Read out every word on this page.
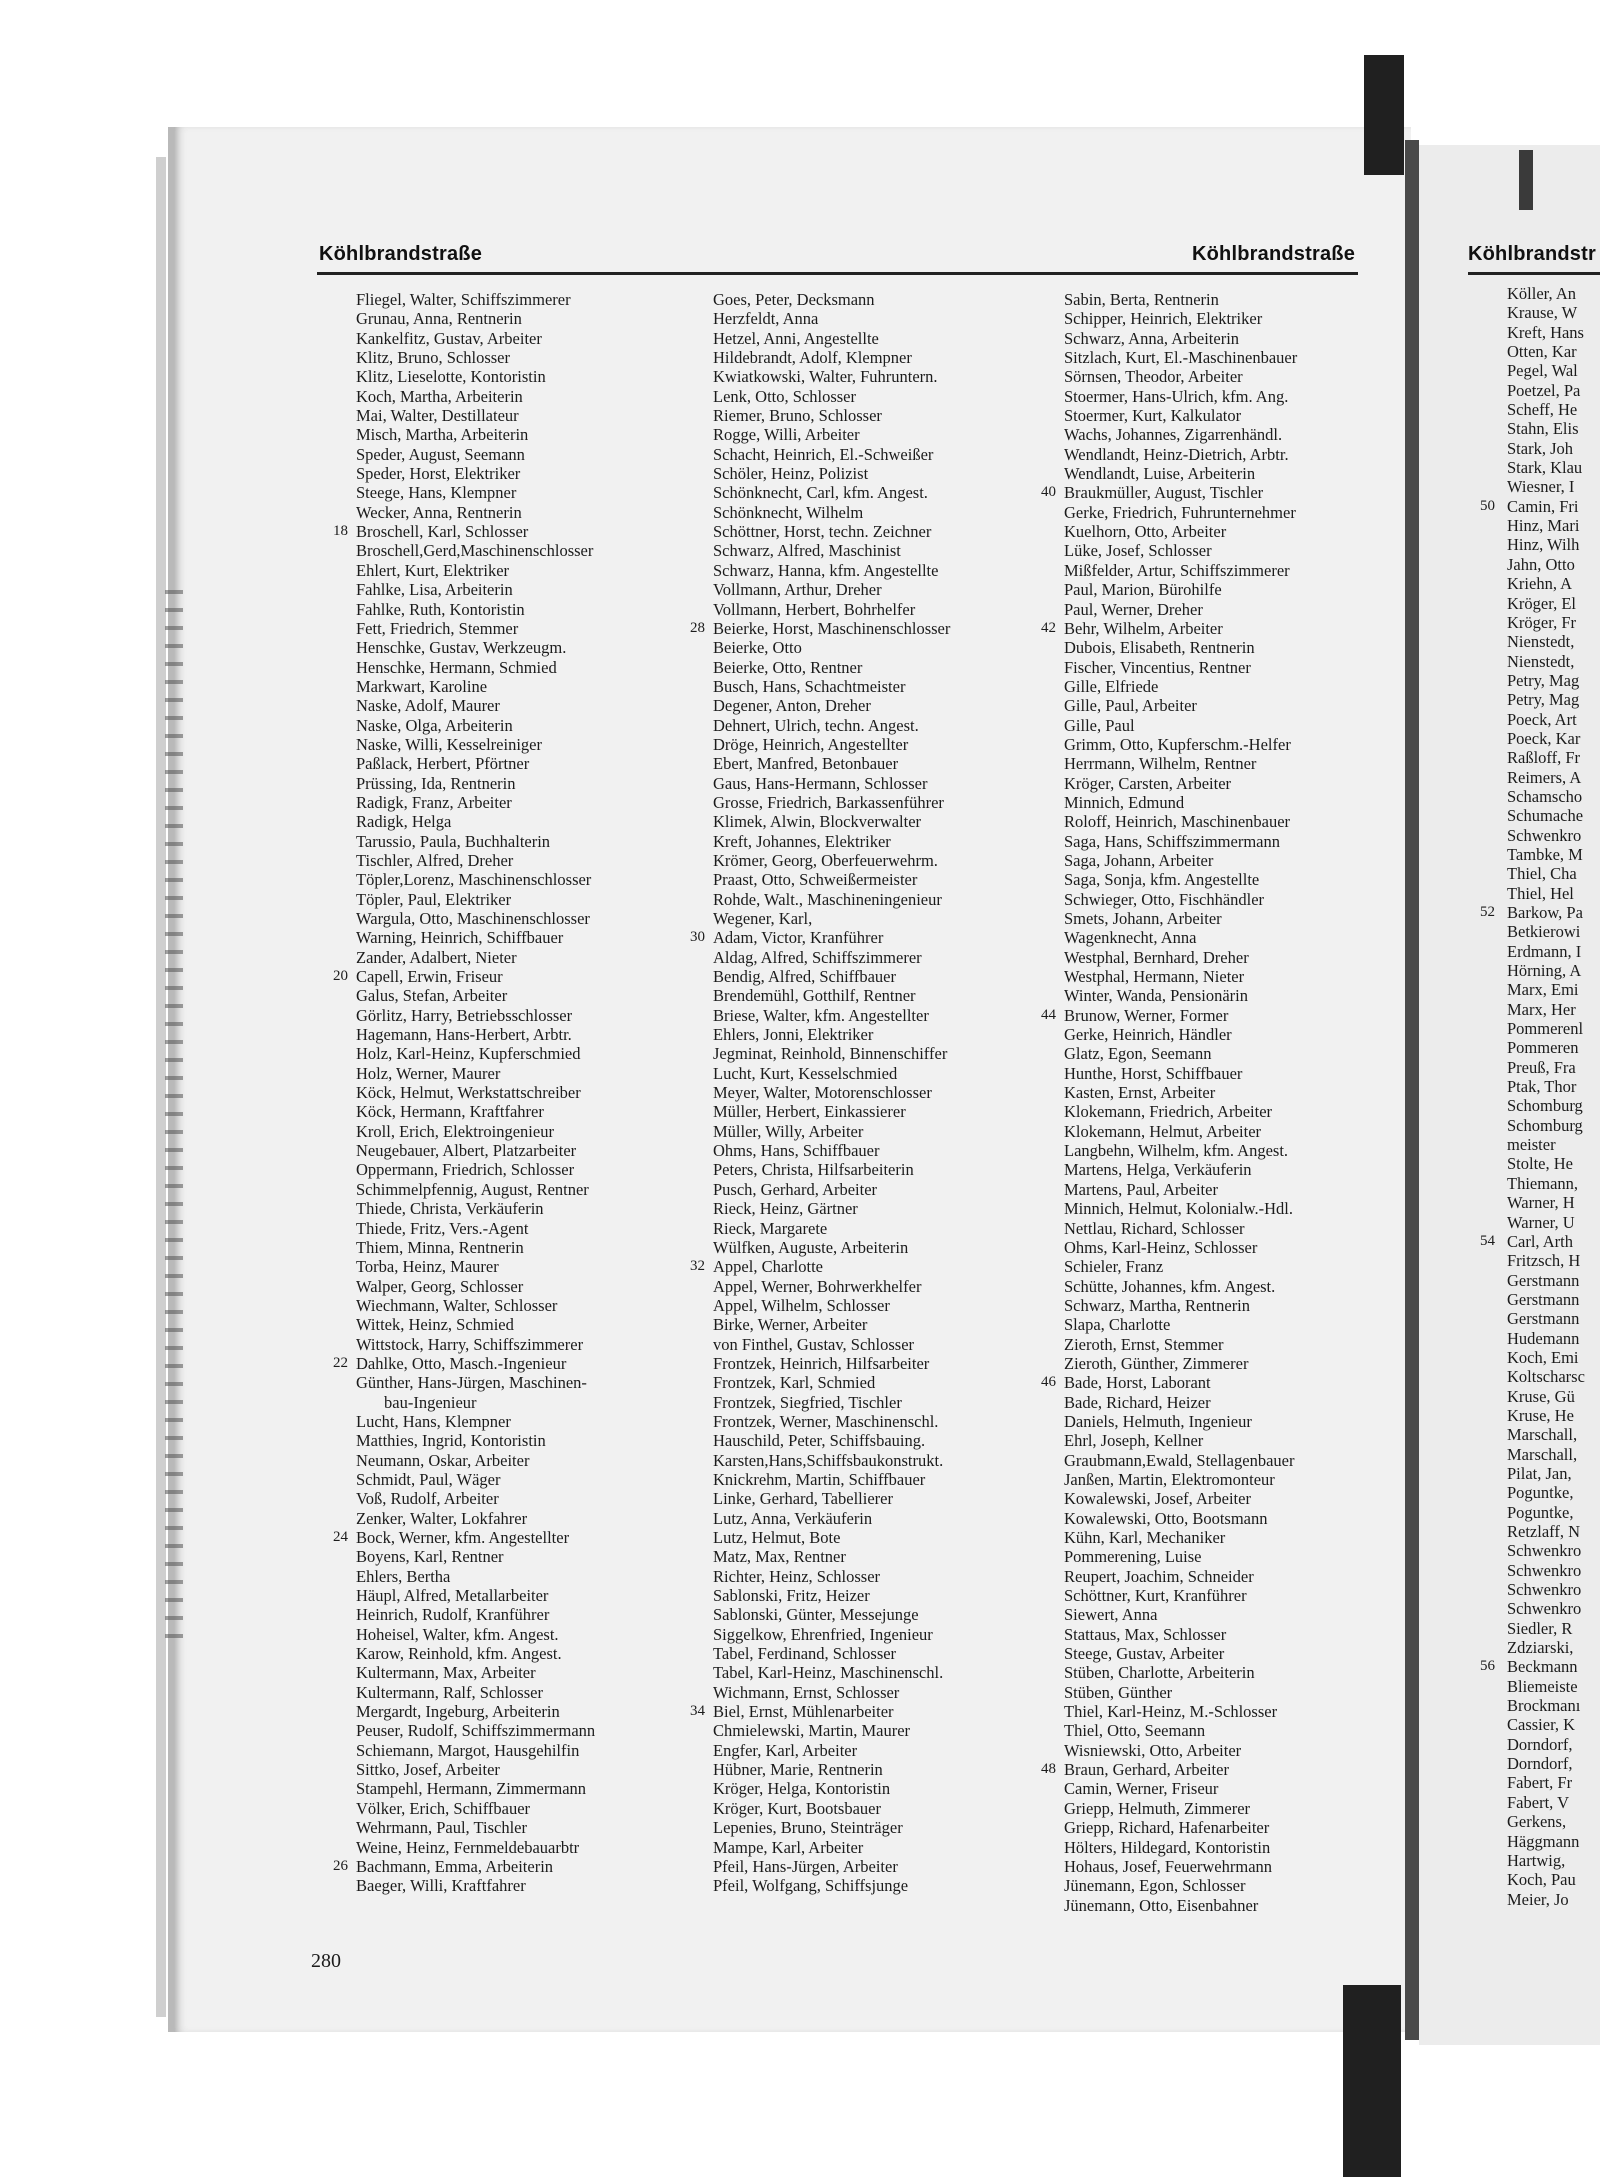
Köhlbrandstraße	Köhlbrandstraße	Köhlbrandstr
Fliegel, Walter, Schiffszimmerer
Grunau, Anna, Rentnerin
Kankelfitz, Gustav, Arbeiter
Klitz, Bruno, Schlosser
Klitz, Lieselotte, Kontoristin
Koch, Martha, Arbeiterin
Mai, Walter, Destillateur
Misch, Martha, Arbeiterin
Speder, August, Seemann
Speder, Horst, Elektriker
Steege, Hans, Klempner
Wecker, Anna, Rentnerin
18 Broschell, Karl, Schlosser
Broschell,Gerd,Maschinenschlosser
Ehlert, Kurt, Elektriker
Fahlke, Lisa, Arbeiterin
Fahlke, Ruth, Kontoristin
Fett, Friedrich, Stemmer
Henschke, Gustav, Werkzeugm.
Henschke, Hermann, Schmied
Markwart, Karoline
Naske, Adolf, Maurer
Naske, Olga, Arbeiterin
Naske, Willi, Kesselreiniger
Paßlack, Herbert, Pförtner
Prüssing, Ida, Rentnerin
Radigk, Franz, Arbeiter
Radigk, Helga
Tarussio, Paula, Buchhalterin
Tischler, Alfred, Dreher
Töpler,Lorenz, Maschinenschlosser
Töpler, Paul, Elektriker
Wargula, Otto, Maschinenschlosser
Warning, Heinrich, Schiffbauer
Zander, Adalbert, Nieter
20 Capell, Erwin, Friseur
Galus, Stefan, Arbeiter
Görlitz, Harry, Betriebsschlosser
Hagemann, Hans-Herbert, Arbtr.
Holz, Karl-Heinz, Kupferschmied
Holz, Werner, Maurer
Köck, Helmut, Werkstattschreiber
Köck, Hermann, Kraftfahrer
Kroll, Erich, Elektroingenieur
Neugebauer, Albert, Platzarbeiter
Oppermann, Friedrich, Schlosser
Schimmelpfennig, August, Rentner
Thiede, Christa, Verkäuferin
Thiede, Fritz, Vers.-Agent
Thiem, Minna, Rentnerin
Torba, Heinz, Maurer
Walper, Georg, Schlosser
Wiechmann, Walter, Schlosser
Wittek, Heinz, Schmied
Wittstock, Harry, Schiffszimmerer
22 Dahlke, Otto, Masch.-Ingenieur
Günther, Hans-Jürgen, Maschinen-
bau-Ingenieur
Lucht, Hans, Klempner
Matthies, Ingrid, Kontoristin
Neumann, Oskar, Arbeiter
Schmidt, Paul, Wäger
Voß, Rudolf, Arbeiter
Zenker, Walter, Lokfahrer
24 Bock, Werner, kfm. Angestellter
Boyens, Karl, Rentner
Ehlers, Bertha
Häupl, Alfred, Metallarbeiter
Heinrich, Rudolf, Kranführer
Hoheisel, Walter, kfm. Angest.
Karow, Reinhold, kfm. Angest.
Kultermann, Max, Arbeiter
Kultermann, Ralf, Schlosser
Mergardt, Ingeburg, Arbeiterin
Peuser, Rudolf, Schiffszimmermann
Schiemann, Margot, Hausgehilfin
Sittko, Josef, Arbeiter
Stampehl, Hermann, Zimmermann
Völker, Erich, Schiffbauer
Wehrmann, Paul, Tischler
Weine, Heinz, Fernmeldebauarbtr
26 Bachmann, Emma, Arbeiterin
Baeger, Willi, Kraftfahrer
Goes, Peter, Decksmann
Herzfeldt, Anna
Hetzel, Anni, Angestellte
Hildebrandt, Adolf, Klempner
Kwiatkowski, Walter, Fuhruntern.
Lenk, Otto, Schlosser
Riemer, Bruno, Schlosser
Rogge, Willi, Arbeiter
Schacht, Heinrich, El.-Schweißer
Schöler, Heinz, Polizist
Schönknecht, Carl, kfm. Angest.
Schönknecht, Wilhelm
Schöttner, Horst, techn. Zeichner
Schwarz, Alfred, Maschinist
Schwarz, Hanna, kfm. Angestellte
Vollmann, Arthur, Dreher
Vollmann, Herbert, Bohrhelfer
28 Beierke, Horst, Maschinenschlosser
Beierke, Otto
Beierke, Otto, Rentner
Busch, Hans, Schachtmeister
Degener, Anton, Dreher
Dehnert, Ulrich, techn. Angest.
Dröge, Heinrich, Angestellter
Ebert, Manfred, Betonbauer
Gaus, Hans-Hermann, Schlosser
Grosse, Friedrich, Barkassenführer
Klimek, Alwin, Blockverwalter
Kreft, Johannes, Elektriker
Krömer, Georg, Oberfeuerwehrm.
Praast, Otto, Schweißermeister
Rohde, Walt., Maschineningenieur
Wegener, Karl,
30 Adam, Victor, Kranführer
Aldag, Alfred, Schiffszimmerer
Bendig, Alfred, Schiffbauer
Brendemühl, Gotthilf, Rentner
Briese, Walter, kfm. Angestellter
Ehlers, Jonni, Elektriker
Jegminat, Reinhold, Binnenschiffer
Lucht, Kurt, Kesselschmied
Meyer, Walter, Motorenschlosser
Müller, Herbert, Einkassierer
Müller, Willy, Arbeiter
Ohms, Hans, Schiffbauer
Peters, Christa, Hilfsarbeiterin
Pusch, Gerhard, Arbeiter
Rieck, Heinz, Gärtner
Rieck, Margarete
Wülfken, Auguste, Arbeiterin
32 Appel, Charlotte
Appel, Werner, Bohrwerkhelfer
Appel, Wilhelm, Schlosser
Birke, Werner, Arbeiter
von Finthel, Gustav, Schlosser
Frontzek, Heinrich, Hilfsarbeiter
Frontzek, Karl, Schmied
Frontzek, Siegfried, Tischler
Frontzek, Werner, Maschinenschl.
Hauschild, Peter, Schiffsbauing.
Karsten,Hans,Schiffsbaukonstrukt.
Knickrehm, Martin, Schiffbauer
Linke, Gerhard, Tabellierer
Lutz, Anna, Verkäuferin
Lutz, Helmut, Bote
Matz, Max, Rentner
Richter, Heinz, Schlosser
Sablonski, Fritz, Heizer
Sablonski, Günter, Messejunge
Siggelkow, Ehrenfried, Ingenieur
Tabel, Ferdinand, Schlosser
Tabel, Karl-Heinz, Maschinenschl.
Wichmann, Ernst, Schlosser
34 Biel, Ernst, Mühlenarbeiter
Chmielewski, Martin, Maurer
Engfer, Karl, Arbeiter
Hübner, Marie, Rentnerin
Kröger, Helga, Kontoristin
Kröger, Kurt, Bootsbauer
Lepenies, Bruno, Steinträger
Mampe, Karl, Arbeiter
Pfeil, Hans-Jürgen, Arbeiter
Pfeil, Wolfgang, Schiffsjunge
Sabin, Berta, Rentnerin
Schipper, Heinrich, Elektriker
Schwarz, Anna, Arbeiterin
Sitzlach, Kurt, El.-Maschinenbauer
Sörnsen, Theodor, Arbeiter
Stoermer, Hans-Ulrich, kfm. Ang.
Stoermer, Kurt, Kalkulator
Wachs, Johannes, Zigarrenhändl.
Wendlandt, Heinz-Dietrich, Arbtr.
Wendlandt, Luise, Arbeiterin
40 Braukmüller, August, Tischler
Gerke, Friedrich, Fuhrunternehmer
Kuelhorn, Otto, Arbeiter
Lüke, Josef, Schlosser
Mißfelder, Artur, Schiffszimmerer
Paul, Marion, Bürohilfe
Paul, Werner, Dreher
42 Behr, Wilhelm, Arbeiter
Dubois, Elisabeth, Rentnerin
Fischer, Vincentius, Rentner
Gille, Elfriede
Gille, Paul, Arbeiter
Gille, Paul
Grimm, Otto, Kupferschm.-Helfer
Herrmann, Wilhelm, Rentner
Kröger, Carsten, Arbeiter
Minnich, Edmund
Roloff, Heinrich, Maschinenbauer
Saga, Hans, Schiffszimmermann
Saga, Johann, Arbeiter
Saga, Sonja, kfm. Angestellte
Schwieger, Otto, Fischhändler
Smets, Johann, Arbeiter
Wagenknecht, Anna
Westphal, Bernhard, Dreher
Westphal, Hermann, Nieter
Winter, Wanda, Pensionärin
44 Brunow, Werner, Former
Gerke, Heinrich, Händler
Glatz, Egon, Seemann
Hunthe, Horst, Schiffbauer
Kasten, Ernst, Arbeiter
Klokemann, Friedrich, Arbeiter
Klokemann, Helmut, Arbeiter
Langbehn, Wilhelm, kfm. Angest.
Martens, Helga, Verkäuferin
Martens, Paul, Arbeiter
Minnich, Helmut, Kolonialw.-Hdl.
Nettlau, Richard, Schlosser
Ohms, Karl-Heinz, Schlosser
Schieler, Franz
Schütte, Johannes, kfm. Angest.
Schwarz, Martha, Rentnerin
Slapa, Charlotte
Zieroth, Ernst, Stemmer
Zieroth, Günther, Zimmerer
46 Bade, Horst, Laborant
Bade, Richard, Heizer
Daniels, Helmuth, Ingenieur
Ehrl, Joseph, Kellner
Graubmann,Ewald, Stellagenbauer
Janßen, Martin, Elektromonteur
Kowalewski, Josef, Arbeiter
Kowalewski, Otto, Bootsmann
Kühn, Karl, Mechaniker
Pommerening, Luise
Reupert, Joachim, Schneider
Schöttner, Kurt, Kranführer
Siewert, Anna
Stattaus, Max, Schlosser
Steege, Gustav, Arbeiter
Stüben, Charlotte, Arbeiterin
Stüben, Günther
Thiel, Karl-Heinz, M.-Schlosser
Thiel, Otto, Seemann
Wisniewski, Otto, Arbeiter
48 Braun, Gerhard, Arbeiter
Camin, Werner, Friseur
Griepp, Helmuth, Zimmerer
Griepp, Richard, Hafenarbeiter
Hölters, Hildegard, Kontoristin
Hohaus, Josef, Feuerwehrmann
Jünemann, Egon, Schlosser
Jünemann, Otto, Eisenbahner
Köller, An
Krause, W
Kreft, Hans
Otten, Kar
Pegel, Wal
Poetzel, Pa
Scheff, He
Stahn, Elis
Stark, Joh
Stark, Klau
Wiesner, I
50 Camin, Fri
Hinz, Mari
Hinz, Wilh
Jahn, Otto
Kriehn, A
Kröger, El
Kröger, Fr
Nienstedt,
Nienstedt,
Petry, Mag
Petry, Mag
Poeck, Art
Poeck, Kar
Raßloff, Fr
Reimers, A
Schamscho
Schumache
Schwenkro
Tambke, M
Thiel, Cha
Thiel, Hel
52 Barkow, Pa
Betkierowi
Erdmann, I
Hörning, A
Marx, Emi
Marx, Her
Pommerenl
Pommeren
Preuß, Fra
Ptak, Thor
Schomburg
Schomburg
meister
Stolte, He
Thiemann,
Warner, H
Warner, U
54 Carl, Arth
Fritzsch, H
Gerstmann
Gerstmann
Gerstmann
Hudemann
Koch, Emi
Koltscharsc
Kruse, Gü
Kruse, He
Marschall,
Marschall,
Pilat, Jan,
Poguntke,
Poguntke,
Retzlaff, N
Schwenkro
Schwenkro
Schwenkro
Schwenkro
Siedler, R
Zdziarski,
56 Beckmann
Bliemeiste
Brockmanı
Cassier, K
Dorndorf,
Dorndorf,
Fabert, Fr
Fabert, V
Gerkens,
Häggmann
Hartwig,
Koch, Pau
Meier, Jo
280
